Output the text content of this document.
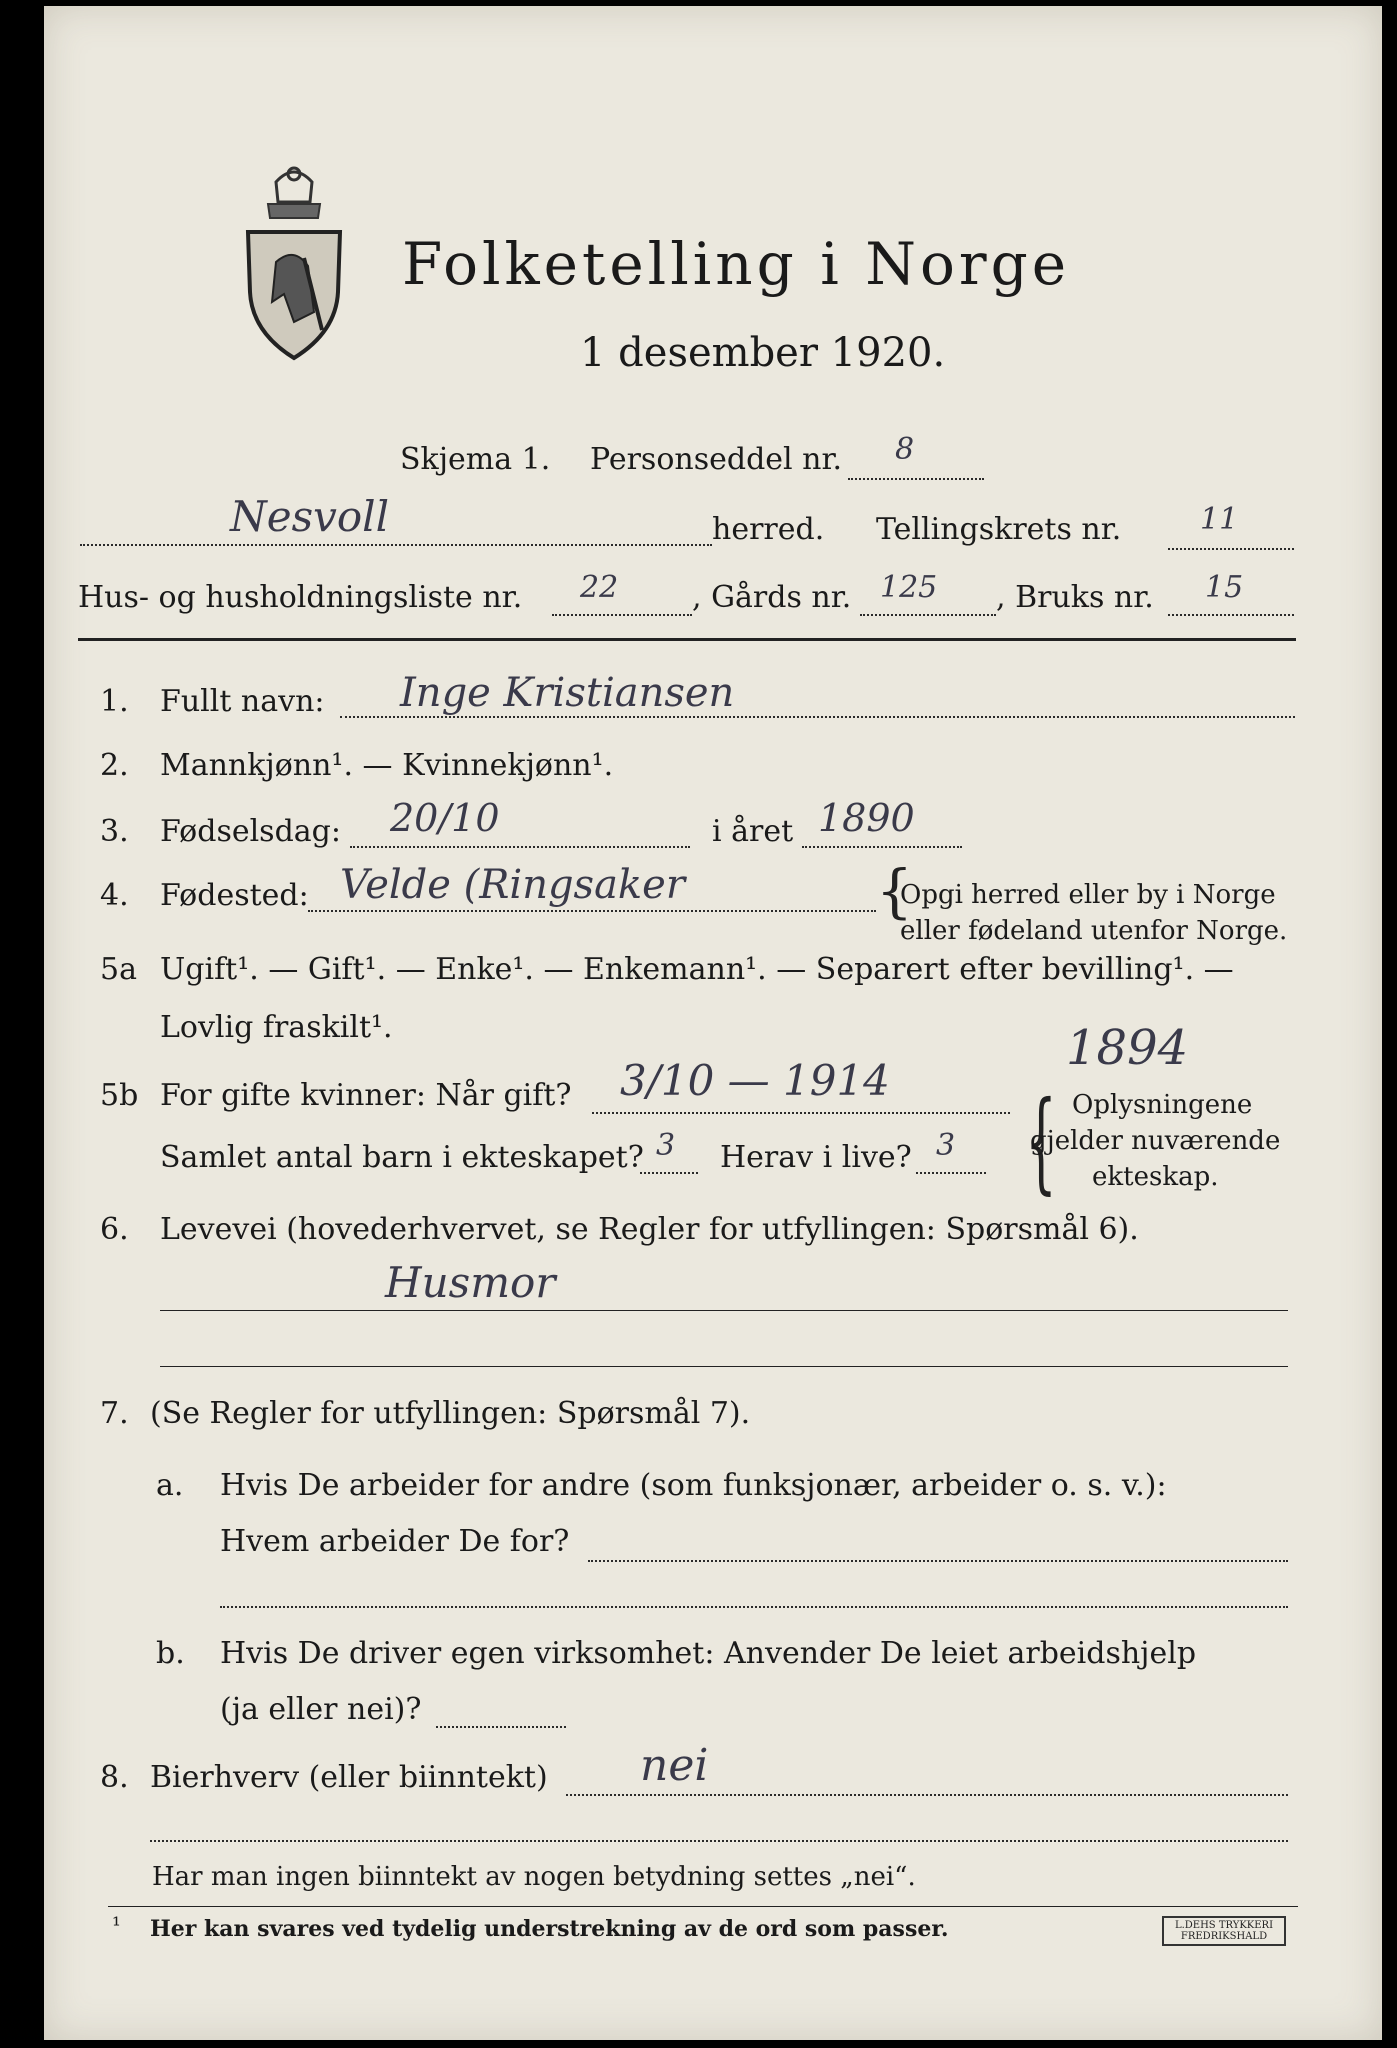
Folketelling i Norge
1 desember 1920.
Skjema 1. Personseddel nr. 8
Nesvoll	herred. Tellingskrets nr.	11
Hus- og husholdningsliste nr. 22 , Gårds nr. 125 , Bruks nr. 15
1. Fullt navn: Inge Kristiansen
2. Mannkjønn¹. — Kvinnekjønn¹.
3. Fødselsdag: 20/10	i året 1890
4. Fødested: Velde (Ringsaker	{
Opgi herred eller by i Norge
eller fødeland utenfor Norge.
5a Ugift¹. — Gift¹. — Enke¹. — Enkemann¹. — Separert efter bevilling¹. —
Lovlig fraskilt¹.
5b For gifte kvinner: Når gift? 3/10 — 1914
1894
Samlet antal barn i ekteskapet? 3 Herav i live? 3 { Oplysningene
gjelder nuværende
ekteskap.
6. Levevei (hovederhvervet, se Regler for utfyllingen: Spørsmål 6).
Husmor
7. (Se Regler for utfyllingen: Spørsmål 7).
a. Hvis De arbeider for andre (som funksjonær, arbeider o. s. v.):
Hvem arbeider De for?
b. Hvis De driver egen virksomhet: Anvender De leiet arbeidshjelp
(ja eller nei)?
8. Bierhverv (eller biinntekt) nei
Har man ingen biinntekt av nogen betydning settes „nei“.
¹ Her kan svares ved tydelig understrekning av de ord som passer.	L.DEHS TRYKKERI
FREDRIKSHALD
